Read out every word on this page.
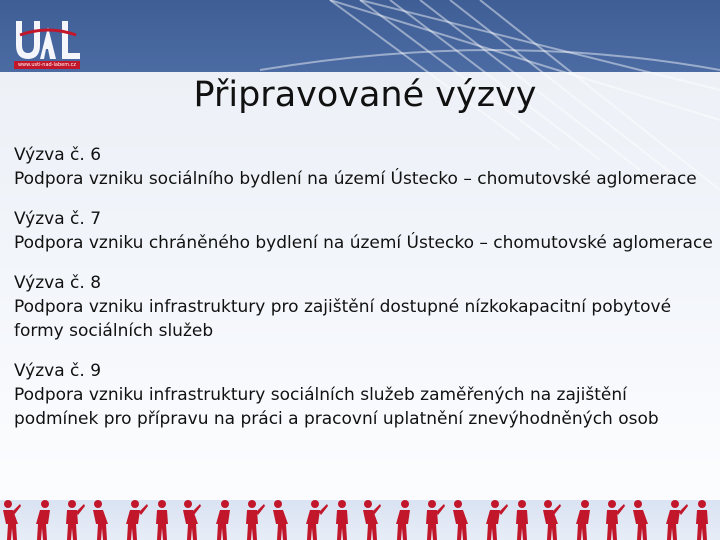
www.usti-nad-labem.cz
Připravované výzvy
Výzva č. 6
Podpora vzniku sociálního bydlení na území Ústecko – chomutovské aglomerace
Výzva č. 7
Podpora vzniku chráněného bydlení na území Ústecko – chomutovské aglomerace
Výzva č. 8
Podpora vzniku infrastruktury pro zajištění dostupné nízkokapacitní pobytové formy sociálních služeb
Výzva č. 9
Podpora vzniku infrastruktury sociálních služeb zaměřených na zajištění podmínek pro přípravu na práci a pracovní uplatnění znevýhodněných osob
